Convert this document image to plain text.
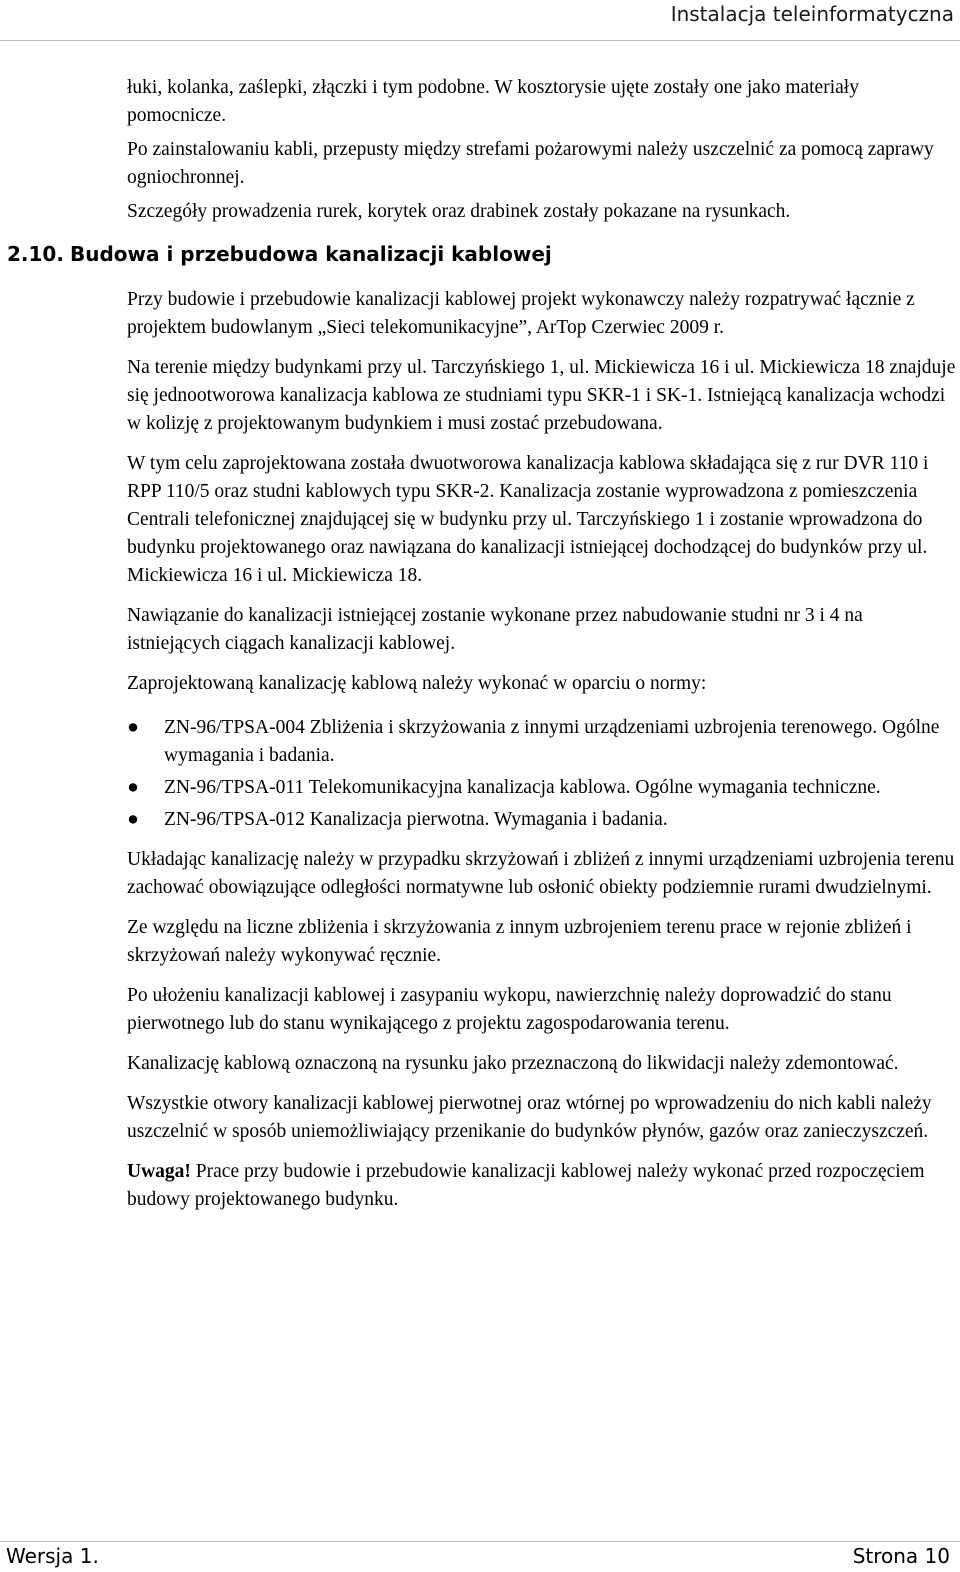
Instalacja teleinformatyczna

łuki, kolanka, zaślepki, złączki i tym podobne. W kosztorysie ujęte zostały one jako materiały pomocnicze.

Po zainstalowaniu kabli, przepusty między strefami pożarowymi należy uszczelnić za pomocą zaprawy ogniochronnej.

Szczegóły prowadzenia rurek, korytek oraz drabinek zostały pokazane na rysunkach.

2.10. Budowa i przebudowa kanalizacji kablowej

Przy budowie i przebudowie kanalizacji kablowej projekt wykonawczy należy rozpatrywać łącznie z projektem budowlanym „Sieci telekomunikacyjne”, ArTop Czerwiec 2009 r.

Na terenie między budynkami przy ul. Tarczyńskiego 1, ul. Mickiewicza 16 i ul. Mickiewicza 18 znajduje się jednootworowa kanalizacja kablowa ze studniami typu SKR-1 i SK-1. Istniejącą kanalizacja wchodzi w kolizję z projektowanym budynkiem i musi zostać przebudowana.

W tym celu zaprojektowana została dwuotworowa kanalizacja kablowa składająca się z rur DVR 110 i RPP 110/5 oraz studni kablowych typu SKR-2. Kanalizacja zostanie wyprowadzona z pomieszczenia Centrali telefonicznej znajdującej się w budynku przy ul. Tarczyńskiego 1 i zostanie wprowadzona do budynku projektowanego oraz nawiązana do kanalizacji istniejącej dochodzącej do budynków przy ul. Mickiewicza 16 i ul. Mickiewicza 18.

Nawiązanie do kanalizacji istniejącej zostanie wykonane przez nabudowanie studni nr 3 i 4 na istniejących ciągach kanalizacji kablowej.

Zaprojektowaną kanalizację kablową należy wykonać w oparciu o normy:

● ZN-96/TPSA-004 Zbliżenia i skrzyżowania z innymi urządzeniami uzbrojenia terenowego. Ogólne wymagania i badania.
● ZN-96/TPSA-011 Telekomunikacyjna kanalizacja kablowa. Ogólne wymagania techniczne.
● ZN-96/TPSA-012 Kanalizacja pierwotna. Wymagania i badania.

Układając kanalizację należy w przypadku skrzyżowań i zbliżeń z innymi urządzeniami uzbrojenia terenu zachować obowiązujące odległości normatywne lub osłonić obiekty podziemnie rurami dwudzielnymi.

Ze względu na liczne zbliżenia i skrzyżowania z innym uzbrojeniem terenu prace w rejonie zbliżeń i skrzyżowań należy wykonywać ręcznie.

Po ułożeniu kanalizacji kablowej i zasypaniu wykopu, nawierzchnię należy doprowadzić do stanu pierwotnego lub do stanu wynikającego z projektu zagospodarowania terenu.

Kanalizację kablową oznaczoną na rysunku jako przeznaczoną do likwidacji należy zdemontować.

Wszystkie otwory kanalizacji kablowej pierwotnej oraz wtórnej po wprowadzeniu do nich kabli należy uszczelnić w sposób uniemożliwiający przenikanie do budynków płynów, gazów oraz zanieczyszczeń.

Uwaga! Prace przy budowie i przebudowie kanalizacji kablowej należy wykonać przed rozpoczęciem budowy projektowanego budynku.

Wersja 1.	Strona 10
